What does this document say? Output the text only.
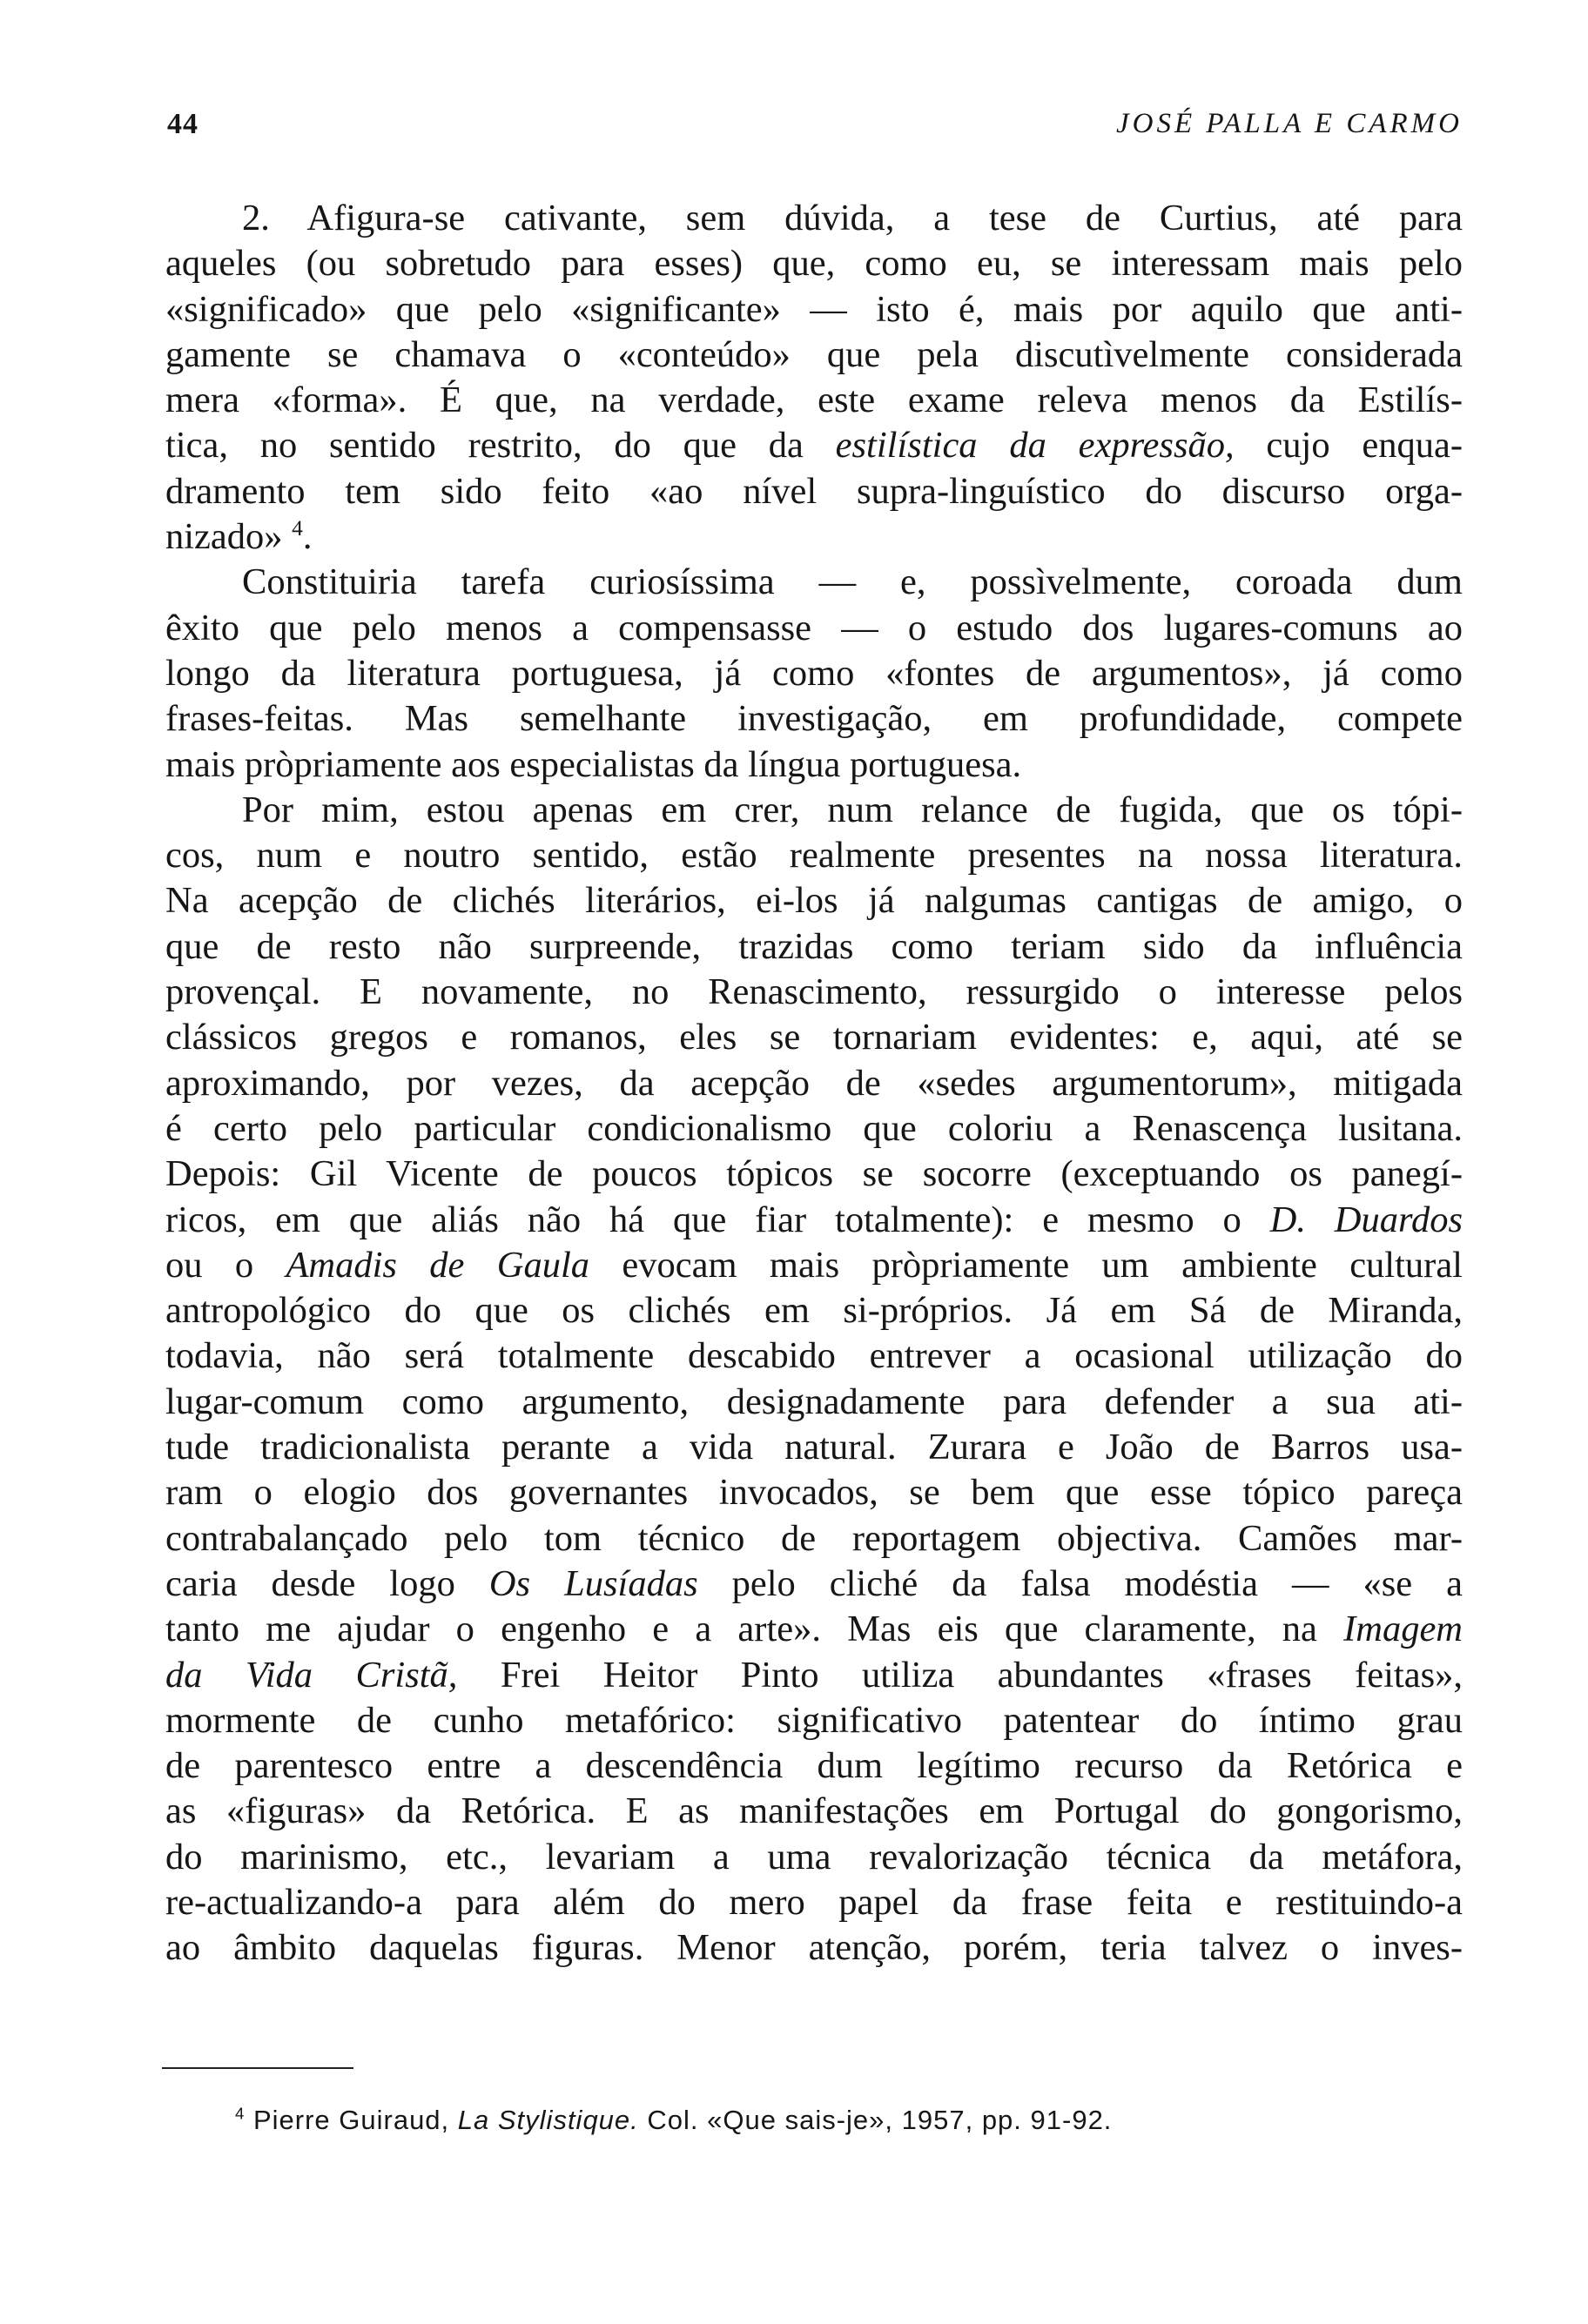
44	JOSÉ PALLA E CARMO

2. Afigura-se cativante, sem dúvida, a tese de Curtius, até para
aqueles (ou sobretudo para esses) que, como eu, se interessam mais pelo
«significado» que pelo «significante» — isto é, mais por aquilo que anti-
gamente se chamava o «conteúdo» que pela discutìvelmente considerada
mera «forma». É que, na verdade, este exame releva menos da Estilís-
tica, no sentido restrito, do que da estilística da expressão, cujo enqua-
dramento tem sido feito «ao nível supra-linguístico do discurso orga-
nizado» $^4$.

Constituiria tarefa curiosíssima — e, possìvelmente, coroada dum
êxito que pelo menos a compensasse — o estudo dos lugares-comuns ao
longo da literatura portuguesa, já como «fontes de argumentos», já como
frases-feitas. Mas semelhante investigação, em profundidade, compete
mais pròpriamente aos especialistas da língua portuguesa.

Por mim, estou apenas em crer, num relance de fugida, que os tópi-
cos, num e noutro sentido, estão realmente presentes na nossa literatura.
Na acepção de clichés literários, ei-los já nalgumas cantigas de amigo, o
que de resto não surpreende, trazidas como teriam sido da influência
provençal. E novamente, no Renascimento, ressurgido o interesse pelos
clássicos gregos e romanos, eles se tornariam evidentes: e, aqui, até se
aproximando, por vezes, da acepção de «sedes argumentorum», mitigada
é certo pelo particular condicionalismo que coloriu a Renascença lusitana.
Depois: Gil Vicente de poucos tópicos se socorre (exceptuando os panegí-
ricos, em que aliás não há que fiar totalmente): e mesmo o D. Duardos
ou o Amadis de Gaula evocam mais pròpriamente um ambiente cultural
antropológico do que os clichés em si-próprios. Já em Sá de Miranda,
todavia, não será totalmente descabido entrever a ocasional utilização do
lugar-comum como argumento, designadamente para defender a sua ati-
tude tradicionalista perante a vida natural. Zurara e João de Barros usa-
ram o elogio dos governantes invocados, se bem que esse tópico pareça
contrabalançado pelo tom técnico de reportagem objectiva. Camões mar-
caria desde logo Os Lusíadas pelo cliché da falsa modéstia — «se a
tanto me ajudar o engenho e a arte». Mas eis que claramente, na Imagem
da Vida Cristã, Frei Heitor Pinto utiliza abundantes «frases feitas»,
mormente de cunho metafórico: significativo patentear do íntimo grau
de parentesco entre a descendência dum legítimo recurso da Retórica e
as «figuras» da Retórica. E as manifestações em Portugal do gongorismo,
do marinismo, etc., levariam a uma revalorização técnica da metáfora,
re-actualizando-a para além do mero papel da frase feita e restituindo-a
ao âmbito daquelas figuras. Menor atenção, porém, teria talvez o inves-

$^4$ Pierre Guiraud, La Stylistique. Col. «Que sais-je», 1957, pp. 91-92.
